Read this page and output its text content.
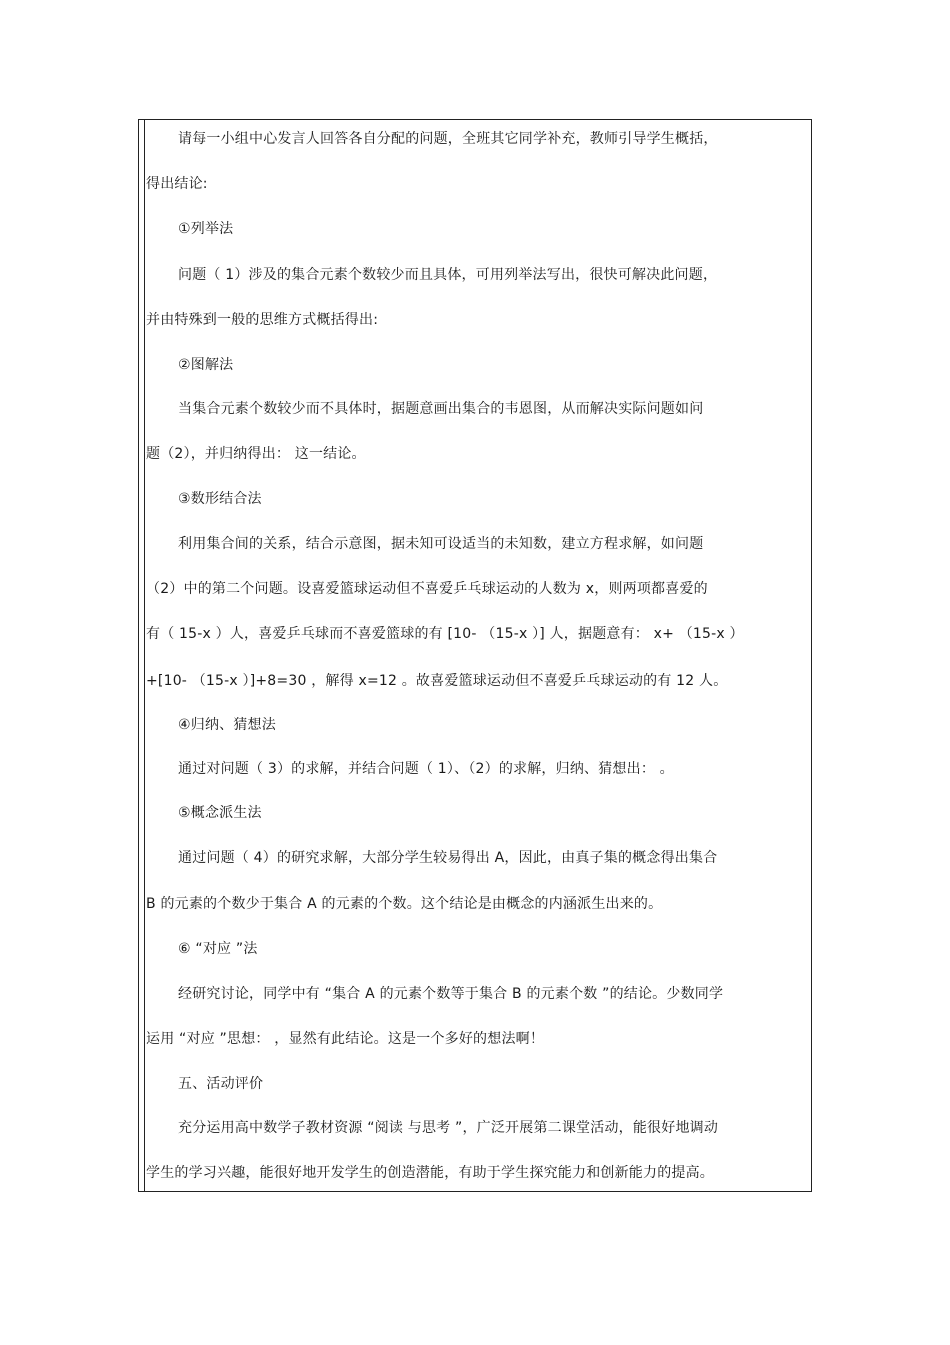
请每一小组中心发言人回答各自分配的问题，全班其它同学补充，教师引导学生概括，
得出结论:
①列举法
问题（ 1）涉及的集合元素个数较少而且具体，可用列举法写出，很快可解决此问题，
并由特殊到一般的思维方式概括得出:
②图解法
当集合元素个数较少而不具体时，据题意画出集合的韦恩图，从而解决实际问题如问
题（2），并归纳得出： 这一结论。
③数形结合法
利用集合间的关系，结合示意图，据未知可设适当的未知数，建立方程求解，如问题
（2）中的第二个问题。设喜爱篮球运动但不喜爱乒乓球运动的人数为 x，则两项都喜爱的
有（ 15-x ）人，喜爱乒乓球而不喜爱篮球的有 [10- （15-x ）] 人，据题意有： x+ （15-x ）
+[10- （15-x ）]+8=30 ，解得 x=12 。故喜爱篮球运动但不喜爱乒乓球运动的有 12 人。
④归纳、猜想法
通过对问题（ 3）的求解，并结合问题（ 1）、（2）的求解，归纳、猜想出： 。
⑤概念派生法
通过问题（ 4）的研究求解，大部分学生较易得出 A，因此，由真子集的概念得出集合
B 的元素的个数少于集合 A 的元素的个数。这个结论是由概念的内涵派生出来的。
⑥ “对应 ”法
经研究讨论，同学中有 “集合 A 的元素个数等于集合 B 的元素个数 ”的结论。少数同学
运用 “对应 ”思想： ，显然有此结论。这是一个多好的想法啊！
五、活动评价
充分运用高中数学子教材资源 “阅读 与思考 ”，广泛开展第二课堂活动，能很好地调动
学生的学习兴趣，能很好地开发学生的创造潜能，有助于学生探究能力和创新能力的提高。
